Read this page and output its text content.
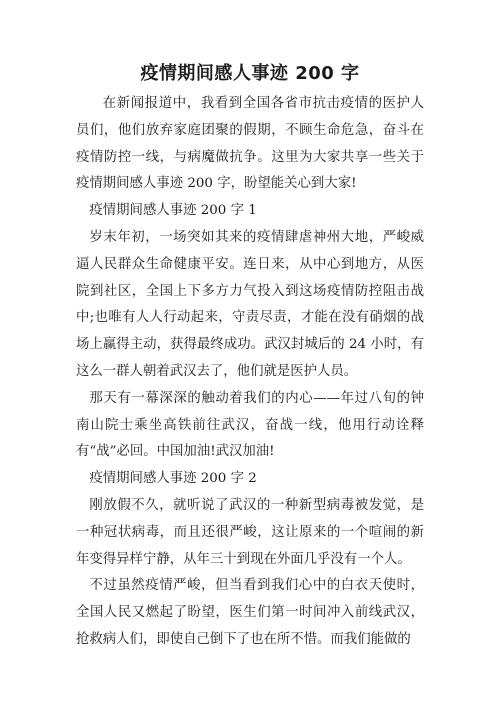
疫情期间感人事迹 200 字

在新闻报道中，我看到全国各省市抗击疫情的医护人员们，他们放弃家庭团聚的假期，不顾生命危急，奋斗在疫情防控一线，与病魔做抗争。这里为大家共享一些关于疫情期间感人事迹 200 字，盼望能关心到大家!

疫情期间感人事迹 200 字 1

岁末年初，一场突如其来的疫情肆虐神州大地，严峻威逼人民群众生命健康平安。连日来，从中心到地方，从医院到社区，全国上下多方力气投入到这场疫情防控阻击战中;也唯有人人行动起来，守责尽责，才能在没有硝烟的战场上赢得主动，获得最终成功。武汉封城后的 24 小时，有这么一群人朝着武汉去了，他们就是医护人员。

那天有一幕深深的触动着我们的内心——年过八旬的钟南山院士乘坐高铁前往武汉，奋战一线，他用行动诠释有“战”必回。中国加油!武汉加油!

疫情期间感人事迹 200 字 2

刚放假不久，就听说了武汉的一种新型病毒被发觉，是一种冠状病毒，而且还很严峻，这让原来的一个喧闹的新年变得异样宁静，从年三十到现在外面几乎没有一个人。

不过虽然疫情严峻，但当看到我们心中的白衣天使时，全国人民又燃起了盼望，医生们第一时间冲入前线武汉，抢救病人们，即使自己倒下了也在所不惜。而我们能做的
